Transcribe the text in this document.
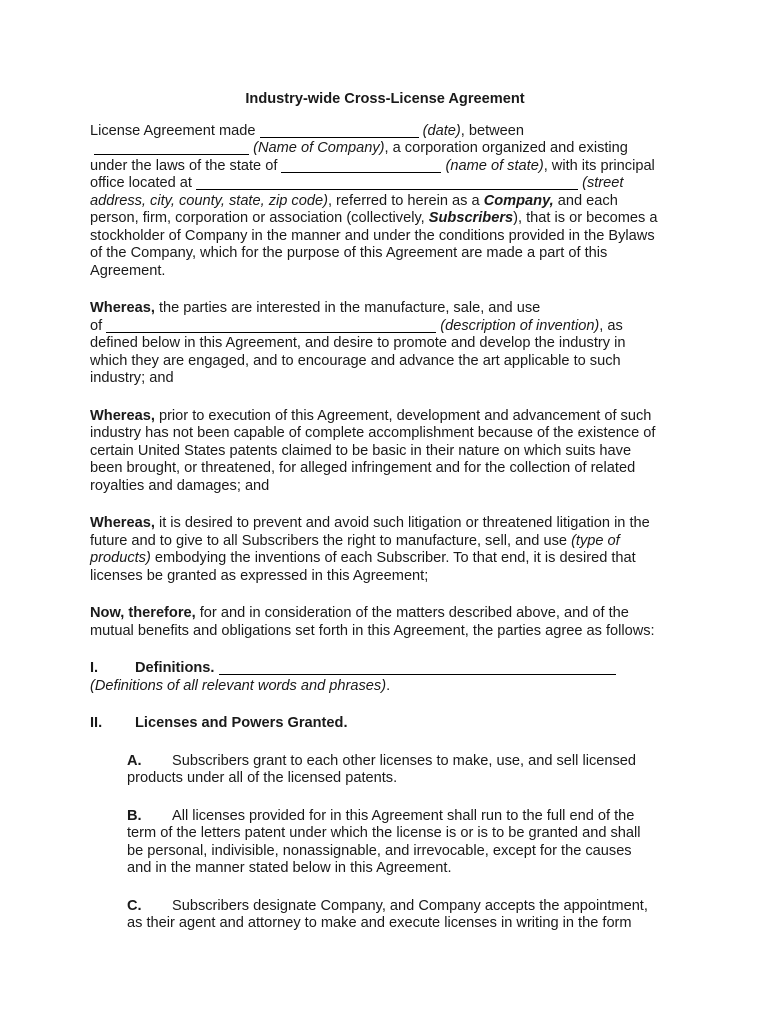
Industry-wide Cross-License Agreement
License Agreement made	(date), between
(Name of Company), a corporation organized and existing
under the laws of the state of	(name of state), with its principal
office located at	(street
address, city, county, state, zip code), referred to herein as a Company, and each
person, firm, corporation or association (collectively, Subscribers), that is or becomes a
stockholder of Company in the manner and under the conditions provided in the Bylaws
of the Company, which for the purpose of this Agreement are made a part of this
Agreement.
Whereas, the parties are interested in the manufacture, sale, and use
of	(description of invention), as
defined below in this Agreement, and desire to promote and develop the industry in
which they are engaged, and to encourage and advance the art applicable to such
industry; and
Whereas, prior to execution of this Agreement, development and advancement of such
industry has not been capable of complete accomplishment because of the existence of
certain United States patents claimed to be basic in their nature on which suits have
been brought, or threatened, for alleged infringement and for the collection of related
royalties and damages; and
Whereas, it is desired to prevent and avoid such litigation or threatened litigation in the
future and to give to all Subscribers the right to manufacture, sell, and use (type of
products) embodying the inventions of each Subscriber. To that end, it is desired that
licenses be granted as expressed in this Agreement;
Now, therefore, for and in consideration of the matters described above, and of the
mutual benefits and obligations set forth in this Agreement, the parties agree as follows:
I.	Definitions.
(Definitions of all relevant words and phrases).
II. Licenses and Powers Granted.
A. Subscribers grant to each other licenses to make, use, and sell licensed
products under all of the licensed patents.
B. All licenses provided for in this Agreement shall run to the full end of the
term of the letters patent under which the license is or is to be granted and shall
be personal, indivisible, nonassignable, and irrevocable, except for the causes
and in the manner stated below in this Agreement.
C. Subscribers designate Company, and Company accepts the appointment,
as their agent and attorney to make and execute licenses in writing in the form
